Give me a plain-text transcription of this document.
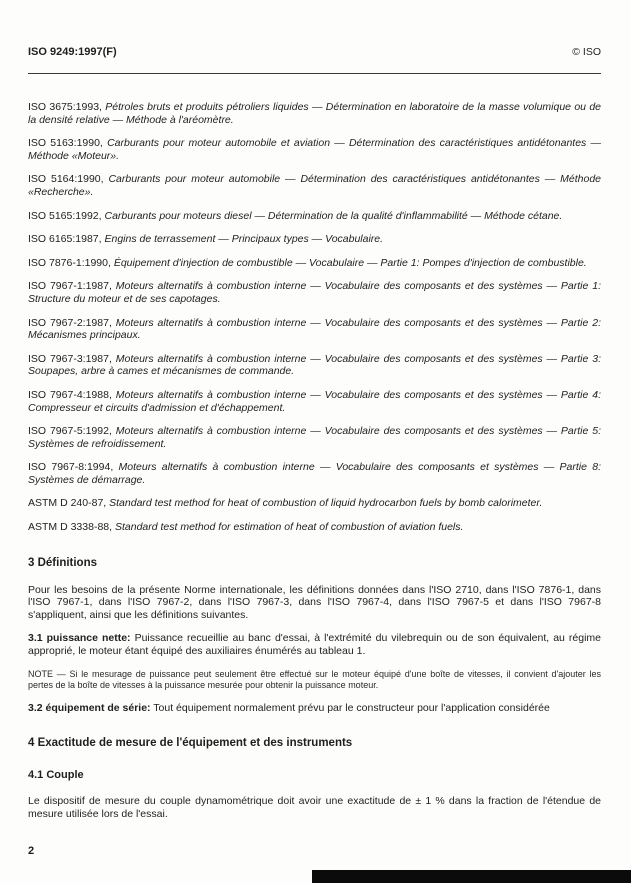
ISO 9249:1997(F)	© ISO

ISO 3675:1993, Pétroles bruts et produits pétroliers liquides — Détermination en laboratoire de la masse volumique ou de la densité relative — Méthode à l'aréomètre.

ISO 5163:1990, Carburants pour moteur automobile et aviation — Détermination des caractéristiques antidétonantes — Méthode «Moteur».

ISO 5164:1990, Carburants pour moteur automobile — Détermination des caractéristiques antidétonantes — Méthode «Recherche».

ISO 5165:1992, Carburants pour moteurs diesel — Détermination de la qualité d'inflammabilité — Méthode cétane.

ISO 6165:1987, Engins de terrassement — Principaux types — Vocabulaire.

ISO 7876-1:1990, Équipement d'injection de combustible — Vocabulaire — Partie 1: Pompes d'injection de combustible.

ISO 7967-1:1987, Moteurs alternatifs à combustion interne — Vocabulaire des composants et des systèmes — Partie 1: Structure du moteur et de ses capotages.

ISO 7967-2:1987, Moteurs alternatifs à combustion interne — Vocabulaire des composants et des systèmes — Partie 2: Mécanismes principaux.

ISO 7967-3:1987, Moteurs alternatifs à combustion interne — Vocabulaire des composants et des systèmes — Partie 3: Soupapes, arbre à cames et mécanismes de commande.

ISO 7967-4:1988, Moteurs alternatifs à combustion interne — Vocabulaire des composants et des systèmes — Partie 4: Compresseur et circuits d'admission et d'échappement.

ISO 7967-5:1992, Moteurs alternatifs à combustion interne — Vocabulaire des composants et des systèmes — Partie 5: Systèmes de refroidissement.

ISO 7967-8:1994, Moteurs alternatifs à combustion interne — Vocabulaire des composants et systèmes — Partie 8: Systèmes de démarrage.

ASTM D 240-87, Standard test method for heat of combustion of liquid hydrocarbon fuels by bomb calorimeter.

ASTM D 3338-88, Standard test method for estimation of heat of combustion of aviation fuels.

3 Définitions

Pour les besoins de la présente Norme internationale, les définitions données dans l'ISO 2710, dans l'ISO 7876-1, dans l'ISO 7967-1, dans l'ISO 7967-2, dans l'ISO 7967-3, dans l'ISO 7967-4, dans l'ISO 7967-5 et dans l'ISO 7967-8 s'appliquent, ainsi que les définitions suivantes.

3.1 puissance nette: Puissance recueillie au banc d'essai, à l'extrémité du vilebrequin ou de son équivalent, au régime approprié, le moteur étant équipé des auxiliaires énumérés au tableau 1.

NOTE — Si le mesurage de puissance peut seulement être effectué sur le moteur équipé d'une boîte de vitesses, il convient d'ajouter les pertes de la boîte de vitesses à la puissance mesurée pour obtenir la puissance moteur.

3.2 équipement de série: Tout équipement normalement prévu par le constructeur pour l'application considérée

4 Exactitude de mesure de l'équipement et des instruments
4.1 Couple

Le dispositif de mesure du couple dynamométrique doit avoir une exactitude de ± 1 % dans la fraction de l'étendue de mesure utilisée lors de l'essai.

2
